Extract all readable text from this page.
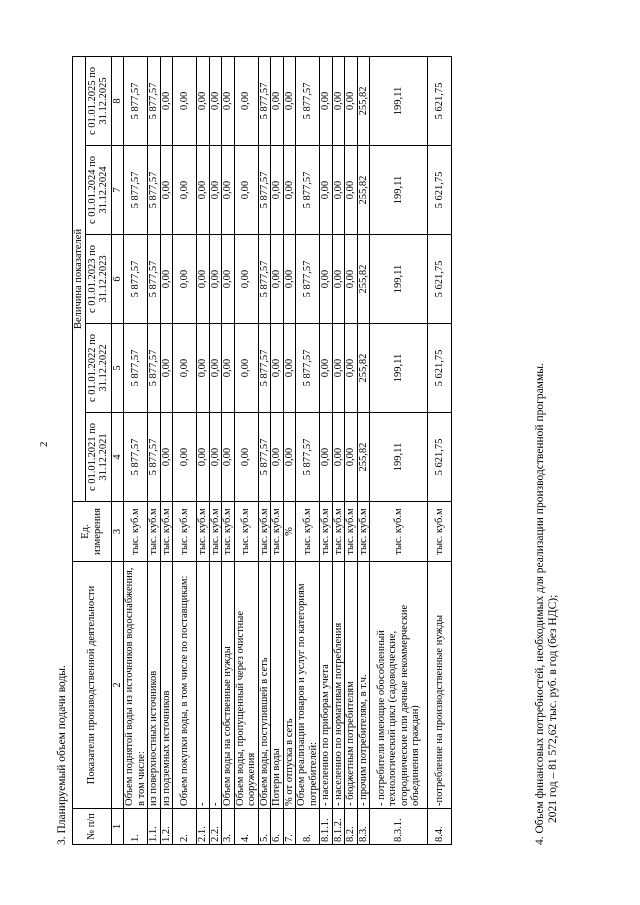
2
3. Планируемый объем подачи воды. № п/п	Показатели производственной деятельности	Ед. измерения	Величина показателей				
			с 01.01.2021 по 31.12.2021	с 01.01.2022 по 31.12.2022	с 01.01.2023 по 31.12.2023	с 01.01.2024 по 31.12.2024	с 01.01.2025 по 31.12.2025
1	2	3	4	5	6	7	8
1.	Объем поднятой воды из источников водоснабжения, в том числе:	тыс. куб.м	5 877,57	5 877,57	5 877,57	5 877,57	5 877,57
1.1.	из поверхностных источников	тыс. куб.м	5 877,57	5 877,57	5 877,57	5 877,57	5 877,57
1.2.	из подземных источников	тыс. куб.м	0,00	0,00	0,00	0,00	0,00
2.	Объем покупки воды, в том числе по поставщикам:	тыс. куб.м	0,00	0,00	0,00	0,00	0,00
2.1.	-	тыс. куб.м	0,00	0,00	0,00	0,00	0,00
2.2.	-	тыс. куб.м	0,00	0,00	0,00	0,00	0,00
3.	Объем воды на собственные нужды	тыс. куб.м	0,00	0,00	0,00	0,00	0,00
4.	Объем воды, пропущенный через очистные сооружения	тыс. куб.м	0,00	0,00	0,00	0,00	0,00
5.	Объем воды, поступившей в сеть	тыс. куб.м	5 877,57	5 877,57	5 877,57	5 877,57	5 877,57
6.	Потери воды	тыс. куб.м	0,00	0,00	0,00	0,00	0,00
7.	% от отпуска в сеть	%	0,00	0,00	0,00	0,00	0,00
8.	Объем реализации товаров и услуг по категориям потребителей:	тыс. куб.м	5 877,57	5 877,57	5 877,57	5 877,57	5 877,57
8.1.1.	- населению по приборам учета	тыс. куб.м	0,00	0,00	0,00	0,00	0,00
8.1.2.	- населению по нормативам потребления	тыс. куб.м	0,00	0,00	0,00	0,00	0,00
8.2.	- бюджетным потребителям	тыс. куб.м	0,00	0,00	0,00	0,00	0,00
8.3.	- прочим потребителям, в т.ч.	тыс. куб.м	255,82	255,82	255,82	255,82	255,82
8.3.1.	- потребители имеющие обособленный технологический цикл (садоводческие, огороднические или дачные некоммерческие объединения граждан)	тыс. куб.м	199,11	199,11	199,11	199,11	199,11
8.4.	-потребление на производственные нужды	тыс. куб.м	5 621,75	5 621,75	5 621,75	5 621,75	5 621,75
4. Объем финансовых потребностей, необходимых для реализации производственной программы. 2021 год – 81 572,62 тыс. руб. в год (без НДС);
